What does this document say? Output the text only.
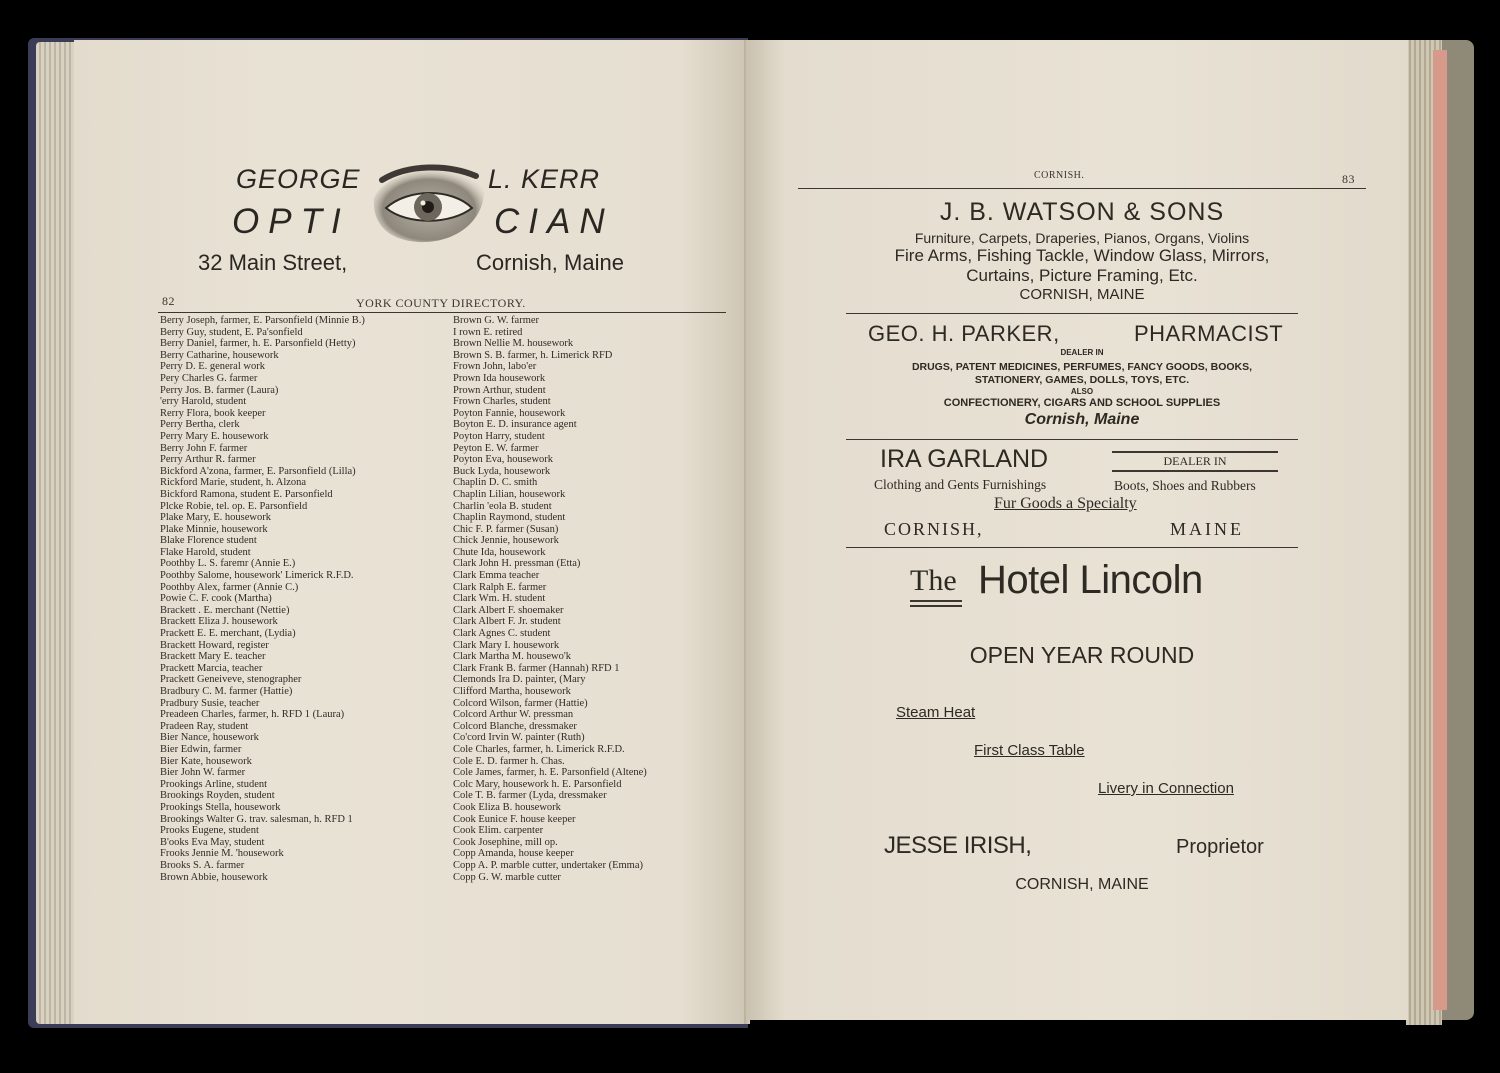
GEORGE	L. KERR
OPTI	CIAN
32 Main Street,	Cornish, Maine
82	YORK COUNTY DIRECTORY.
Berry Joseph, farmer, E. Parsonfield (Minnie B.)
Berry Guy, student, E. Pa'sonfield
Berry Daniel, farmer, h. E. Parsonfield (Hetty)
Berry Catharine, housework
Perry D. E. general work
Pery Charles G. farmer
Perry Jos. B. farmer (Laura)
'erry Harold, student
Rerry Flora, book keeper
Perry Bertha, clerk
Perry Mary E. housework
Berry John F. farmer
Perry Arthur R. farmer
Bickford A'zona, farmer, E. Parsonfield (Lilla)
Rickford Marie, student, h. Alzona
Bickford Ramona, student E. Parsonfield
Plcke Robie, tel. op. E. Parsonfield
Plake Mary, E. housework
Plake Minnie, housework
Blake Florence student
Flake Harold, student
Poothby L. S. faremr (Annie E.)
Poothby Salome, housework' Limerick R.F.D.
Poothby Alex, farmer (Annie C.)
Powie C. F. cook (Martha)
Brackett . E. merchant (Nettie)
Brackett Eliza J. housework
Prackett E. E. merchant, (Lydia)
Brackett Howard, register
Brackett Mary E. teacher
Prackett Marcia, teacher
Prackett Geneiveve, stenographer
Bradbury C. M. farmer (Hattie)
Pradbury Susie, teacher
Preadeen Charles, farmer, h. RFD 1 (Laura)
Pradeen Ray, student
Bier Nance, housework
Bier Edwin, farmer
Bier Kate, housework
Bier John W. farmer
Prookings Arline, student
Brookings Royden, student
Prookings Stella, housework
Brookings Walter G. trav. salesman, h. RFD 1
Prooks Eugene, student
B'ooks Eva May, student
Frooks Jennie M. 'housework
Brooks S. A. farmer
Brown Abbie, housework
Brown G. W. farmer
I rown E. retired
Brown Nellie M. housework
Brown S. B. farmer, h. Limerick RFD
Frown John, labo'er
Prown Ida housework
Prown Arthur, student
Frown Charles, student
Poyton Fannie, housework
Boyton E. D. insurance agent
Poyton Harry, student
Peyton E. W. farmer
Poyton Eva, housework
Buck Lyda, housework
Chaplin D. C. smith
Chaplin Lilian, housework
Charlin 'eola B. student
Chaplin Raymond, student
Chic F. P. farmer (Susan)
Chick Jennie, housework
Chute Ida, housework
Clark John H. pressman (Etta)
Clark Emma teacher
Clark Ralph E. farmer
Clark Wm. H. student
Clark Albert F. shoemaker
Clark Albert F. Jr. student
Clark Agnes C. student
Clark Mary I. housework
Clark Martha M. housewo'k
Clark Frank B. farmer (Hannah) RFD 1
Clemonds Ira D. painter, (Mary
Clifford Martha, housework
Colcord Wilson, farmer (Hattie)
Colcord Arthur W. pressman
Colcord Blanche, dressmaker
Co'cord Irvin W. painter (Ruth)
Cole Charles, farmer, h. Limerick R.F.D.
Cole E. D. farmer h. Chas.
Cole James, farmer, h. E. Parsonfield (Altene)
Colc Mary, housework h. E. Parsonfield
Cole T. B. farmer (Lyda, dressmaker
Cook Eliza B. housework
Cook Eunice F. house keeper
Cook Elim. carpenter
Cook Josephine, mill op.
Copp Amanda, house keeper
Copp A. P. marble cutter, undertaker (Emma)
Copp G. W. marble cutter
CORNISH.	83
J. B. WATSON & SONS
Furniture, Carpets, Draperies, Pianos, Organs, Violins
Fire Arms, Fishing Tackle, Window Glass, Mirrors,
Curtains, Picture Framing, Etc.
CORNISH, MAINE
GEO. H. PARKER,	PHARMACIST
DEALER IN
DRUGS, PATENT MEDICINES, PERFUMES, FANCY GOODS, BOOKS,
STATIONERY, GAMES, DOLLS, TOYS, ETC.
ALSO
CONFECTIONERY, CIGARS AND SCHOOL SUPPLIES
Cornish, Maine
IRA GARLAND	DEALER IN
Clothing and Gents Furnishings	Boots, Shoes and Rubbers
Fur Goods a Specialty
CORNISH,	MAINE
The Hotel Lincoln
OPEN YEAR ROUND
Steam Heat
First Class Table
Livery in Connection
JESSE IRISH,	Proprietor
CORNISH, MAINE
